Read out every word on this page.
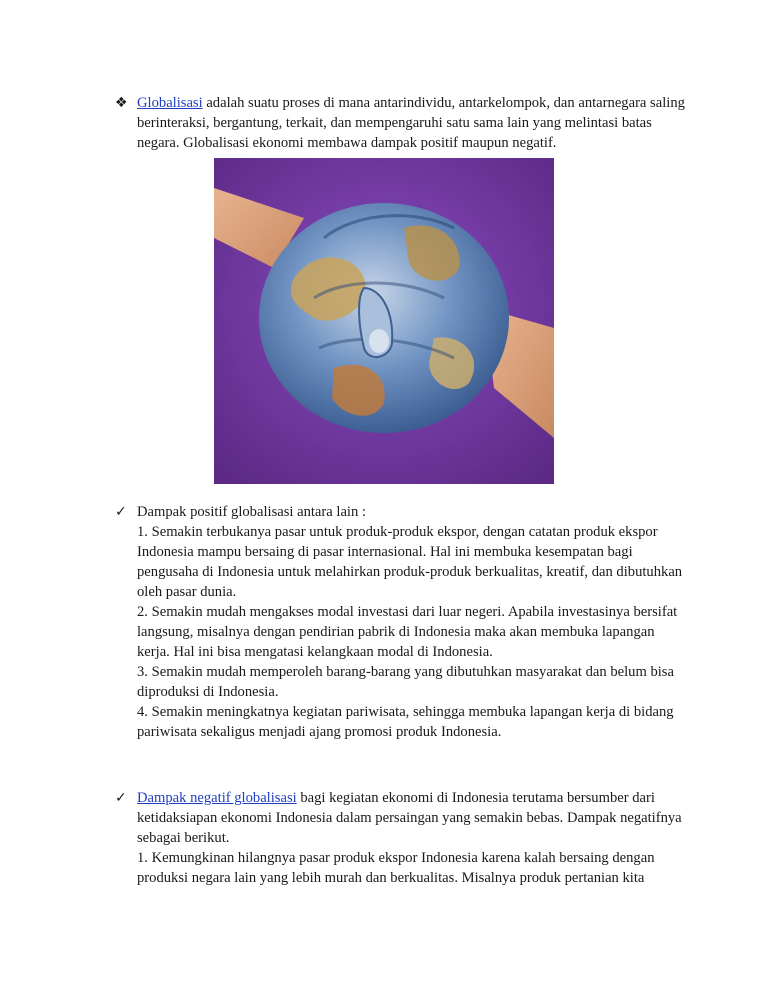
❖ Globalisasi adalah suatu proses di mana antarindividu, antarkelompok, dan antarnegara saling berinteraksi, bergantung, terkait, dan mempengaruhi satu sama lain yang melintasi batas negara. Globalisasi ekonomi membawa dampak positif maupun negatif.

✓ Dampak positif globalisasi antara lain :

1. Semakin terbukanya pasar untuk produk-produk ekspor, dengan catatan produk ekspor Indonesia mampu bersaing di pasar internasional. Hal ini membuka kesempatan bagi pengusaha di Indonesia untuk melahirkan produk-produk berkualitas, kreatif, dan dibutuhkan oleh pasar dunia.

2. Semakin mudah mengakses modal investasi dari luar negeri. Apabila investasinya bersifat langsung, misalnya dengan pendirian pabrik di Indonesia maka akan membuka lapangan kerja. Hal ini bisa mengatasi kelangkaan modal di Indonesia.

3. Semakin mudah memperoleh barang-barang yang dibutuhkan masyarakat dan belum bisa diproduksi di Indonesia.

4. Semakin meningkatnya kegiatan pariwisata, sehingga membuka lapangan kerja di bidang pariwisata sekaligus menjadi ajang promosi produk Indonesia.

✓ Dampak negatif globalisasi bagi kegiatan ekonomi di Indonesia terutama bersumber dari ketidaksiapan ekonomi Indonesia dalam persaingan yang semakin bebas. Dampak negatifnya sebagai berikut.

1. Kemungkinan hilangnya pasar produk ekspor Indonesia karena kalah bersaing dengan produksi negara lain yang lebih murah dan berkualitas. Misalnya produk pertanian kita
